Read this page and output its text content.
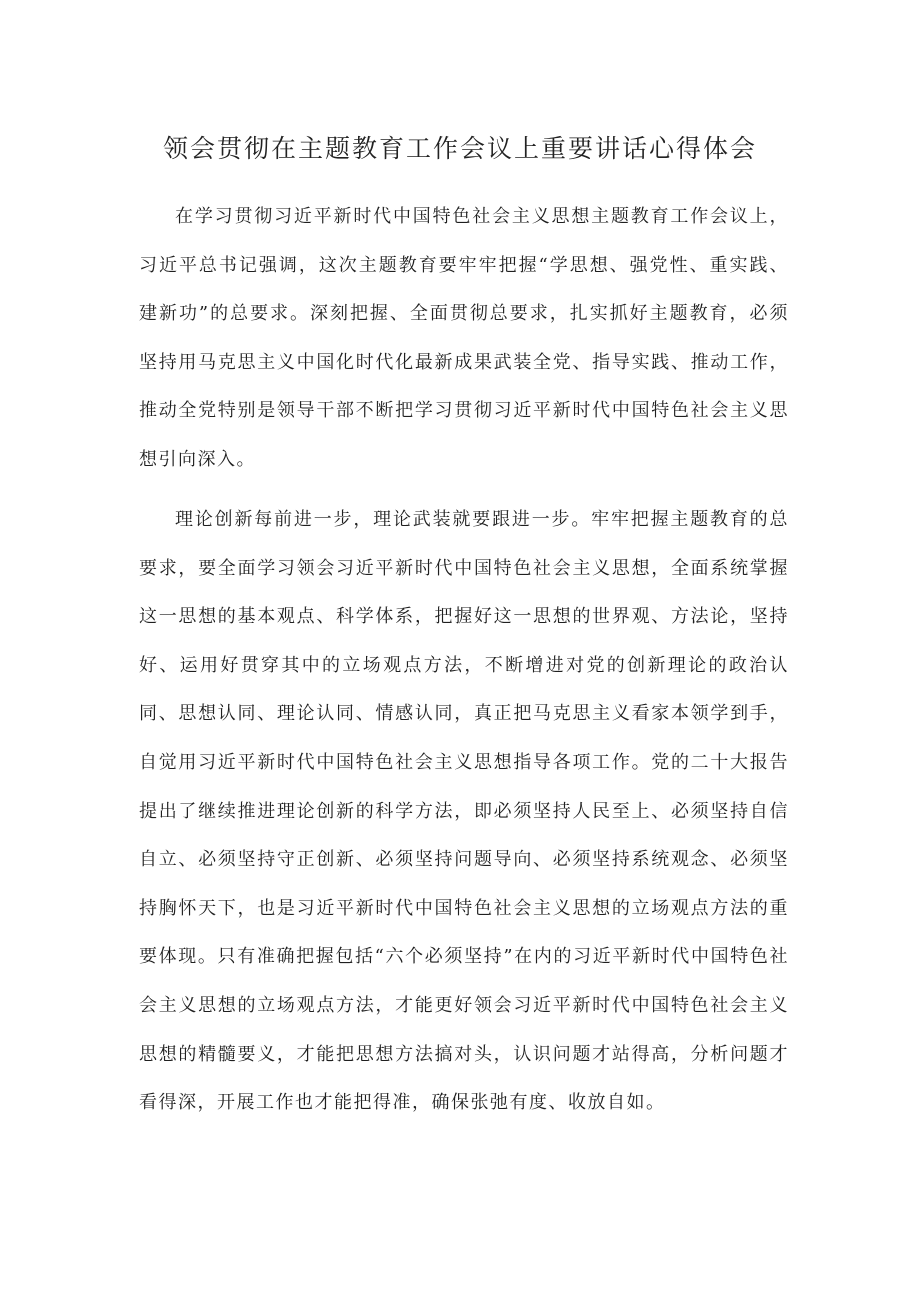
领会贯彻在主题教育工作会议上重要讲话心得体会

在学习贯彻习近平新时代中国特色社会主义思想主题教育工作会议上，习近平总书记强调，这次主题教育要牢牢把握“学思想、强党性、重实践、建新功”的总要求。深刻把握、全面贯彻总要求，扎实抓好主题教育，必须坚持用马克思主义中国化时代化最新成果武装全党、指导实践、推动工作，推动全党特别是领导干部不断把学习贯彻习近平新时代中国特色社会主义思想引向深入。

理论创新每前进一步，理论武装就要跟进一步。牢牢把握主题教育的总要求，要全面学习领会习近平新时代中国特色社会主义思想，全面系统掌握这一思想的基本观点、科学体系，把握好这一思想的世界观、方法论，坚持好、运用好贯穿其中的立场观点方法，不断增进对党的创新理论的政治认同、思想认同、理论认同、情感认同，真正把马克思主义看家本领学到手，自觉用习近平新时代中国特色社会主义思想指导各项工作。党的二十大报告提出了继续推进理论创新的科学方法，即必须坚持人民至上、必须坚持自信自立、必须坚持守正创新、必须坚持问题导向、必须坚持系统观念、必须坚持胸怀天下，也是习近平新时代中国特色社会主义思想的立场观点方法的重要体现。只有准确把握包括“六个必须坚持”在内的习近平新时代中国特色社会主义思想的立场观点方法，才能更好领会习近平新时代中国特色社会主义思想的精髓要义，才能把思想方法搞对头，认识问题才站得高，分析问题才看得深，开展工作也才能把得准，确保张弛有度、收放自如。
